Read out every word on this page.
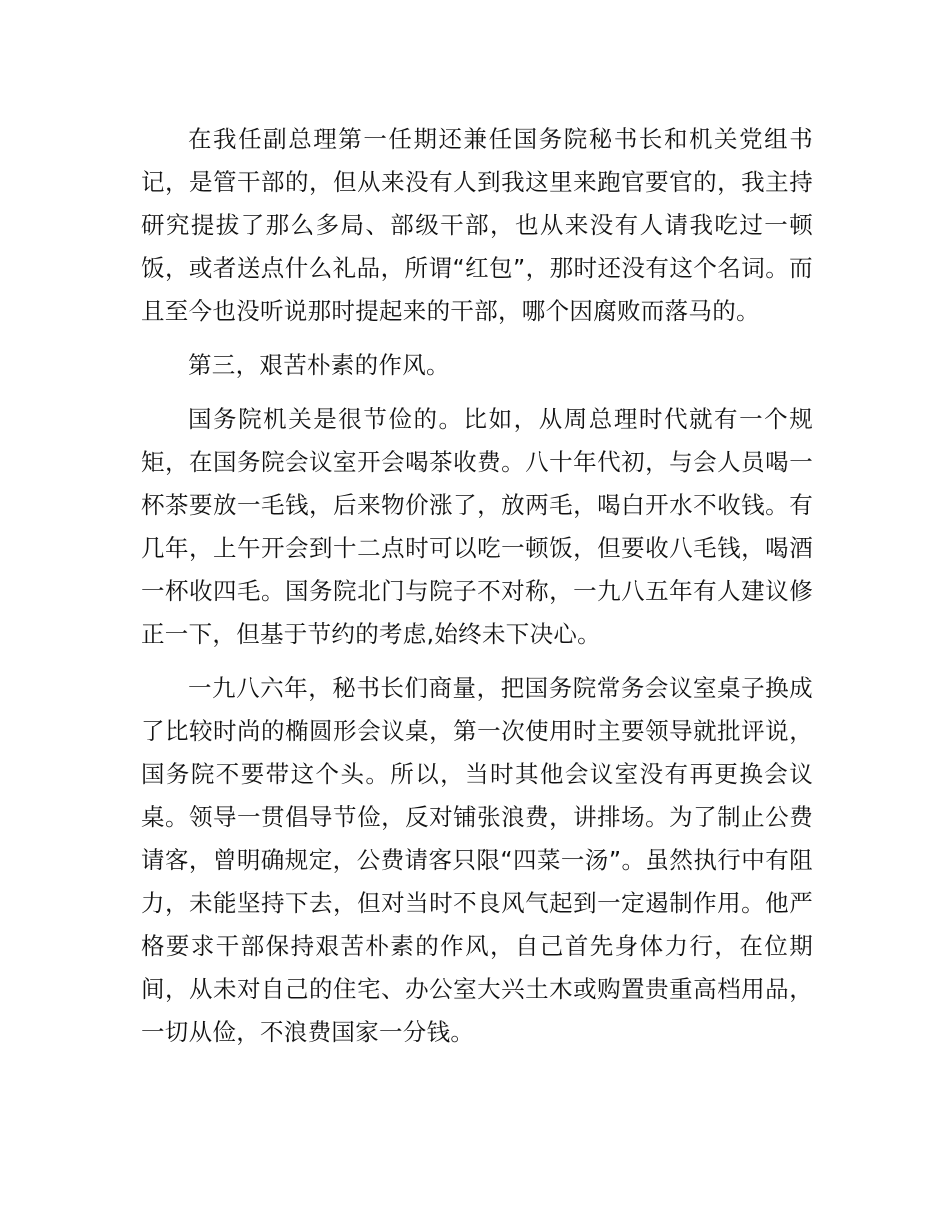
在我任副总理第一任期还兼任国务院秘书长和机关党组书记，是管干部的，但从来没有人到我这里来跑官要官的，我主持研究提拔了那么多局、部级干部，也从来没有人请我吃过一顿饭，或者送点什么礼品，所谓“红包”，那时还没有这个名词。而且至今也没听说那时提起来的干部，哪个因腐败而落马的。

第三，艰苦朴素的作风。

国务院机关是很节俭的。比如，从周总理时代就有一个规矩，在国务院会议室开会喝茶收费。八十年代初，与会人员喝一杯茶要放一毛钱，后来物价涨了，放两毛，喝白开水不收钱。有几年，上午开会到十二点时可以吃一顿饭，但要收八毛钱，喝酒一杯收四毛。国务院北门与院子不对称，一九八五年有人建议修正一下，但基于节约的考虑,始终未下决心。

一九八六年，秘书长们商量，把国务院常务会议室桌子换成了比较时尚的椭圆形会议桌，第一次使用时主要领导就批评说，国务院不要带这个头。所以，当时其他会议室没有再更换会议桌。领导一贯倡导节俭，反对铺张浪费，讲排场。为了制止公费请客，曾明确规定，公费请客只限“四菜一汤”。虽然执行中有阻力，未能坚持下去，但对当时不良风气起到一定遏制作用。他严格要求干部保持艰苦朴素的作风，自己首先身体力行，在位期间，从未对自己的住宅、办公室大兴土木或购置贵重高档用品，一切从俭，不浪费国家一分钱。
